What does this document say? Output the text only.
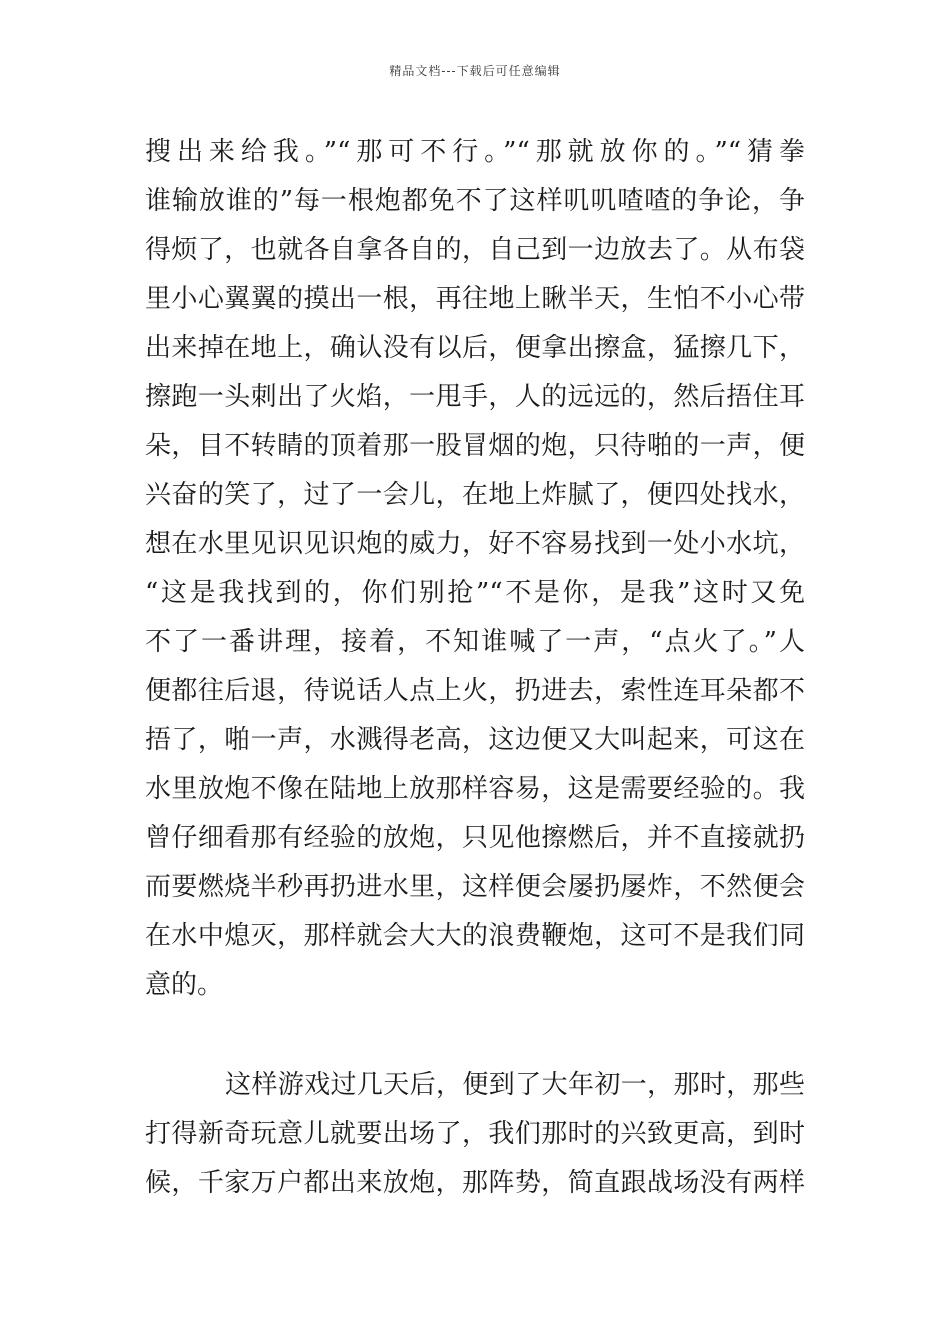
精品文档---下载后可任意编辑
搜出来给我。”“那可不行。”“那就放你的。”“猜拳
谁输放谁的”每一根炮都免不了这样叽叽喳喳的争论，争
得烦了，也就各自拿各自的，自己到一边放去了。从布袋
里小心翼翼的摸出一根，再往地上瞅半天，生怕不小心带
出来掉在地上，确认没有以后，便拿出擦盒，猛擦几下，
擦跑一头刺出了火焰，一甩手，人的远远的，然后捂住耳
朵，目不转睛的顶着那一股冒烟的炮，只待啪的一声，便
兴奋的笑了，过了一会儿，在地上炸腻了，便四处找水，
想在水里见识见识炮的威力，好不容易找到一处小水坑，
“这是我找到的，你们别抢”“不是你，是我”这时又免
不了一番讲理，接着，不知谁喊了一声，“点火了。”人
便都往后退，待说话人点上火，扔进去，索性连耳朵都不
捂了，啪一声，水溅得老高，这边便又大叫起来，可这在
水里放炮不像在陆地上放那样容易，这是需要经验的。我
曾仔细看那有经验的放炮，只见他擦燃后，并不直接就扔
而要燃烧半秒再扔进水里，这样便会屡扔屡炸，不然便会
在水中熄灭，那样就会大大的浪费鞭炮，这可不是我们同
意的。
这样游戏过几天后，便到了大年初一，那时，那些
打得新奇玩意儿就要出场了，我们那时的兴致更高，到时
候，千家万户都出来放炮，那阵势，简直跟战场没有两样
